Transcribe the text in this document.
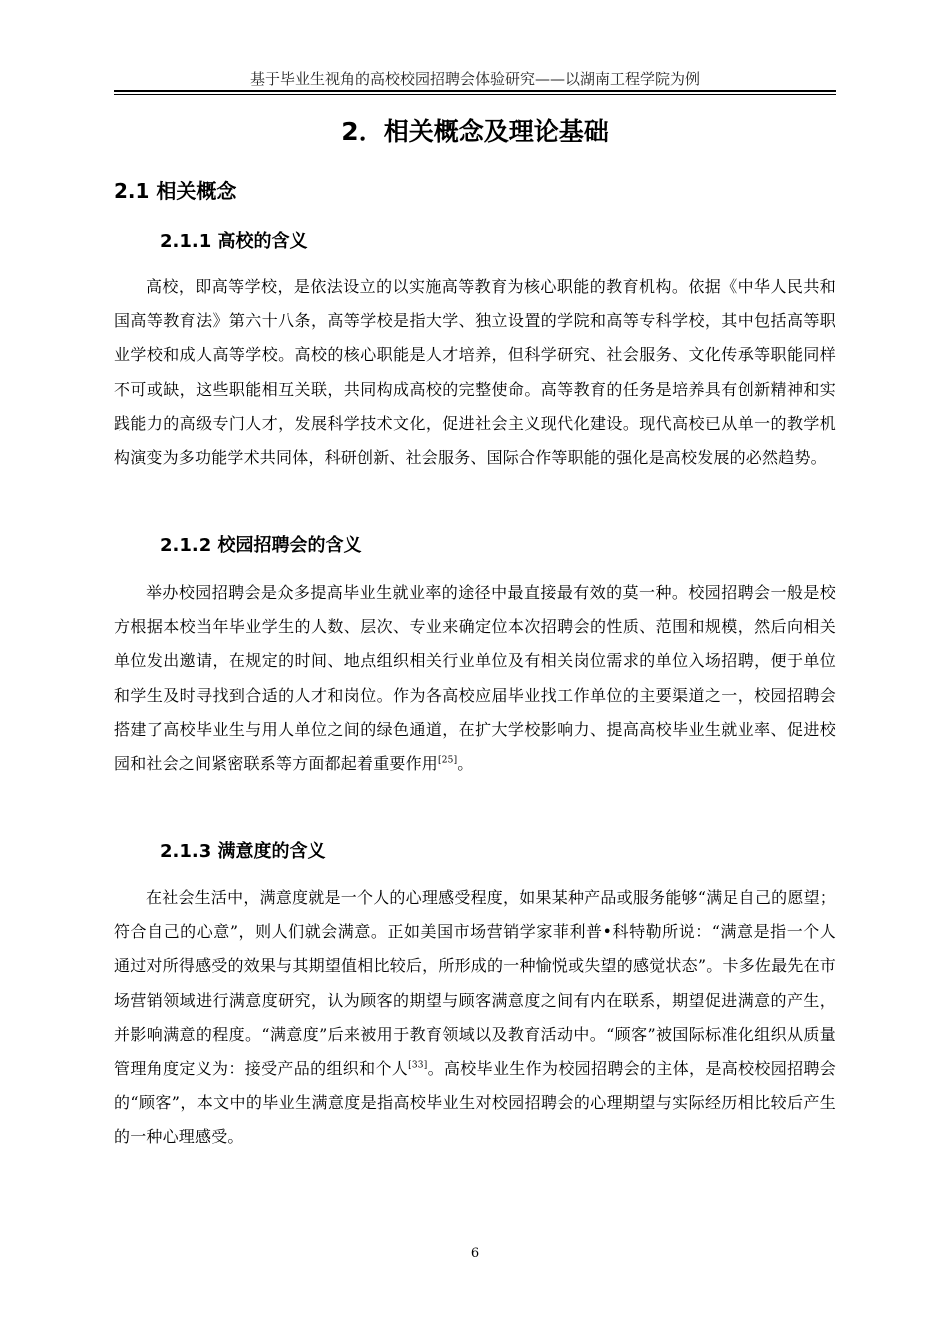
基于毕业生视角的高校校园招聘会体验研究——以湖南工程学院为例
2．相关概念及理论基础
2.1 相关概念
2.1.1 高校的含义

高校，即高等学校，是依法设立的以实施高等教育为核心职能的教育机构。依据《中华人民共和国高等教育法》第六十八条，高等学校是指大学、独立设置的学院和高等专科学校，其中包括高等职业学校和成人高等学校。高校的核心职能是人才培养，但科学研究、社会服务、文化传承等职能同样不可或缺，这些职能相互关联，共同构成高校的完整使命。高等教育的任务是培养具有创新精神和实践能力的高级专门人才，发展科学技术文化，促进社会主义现代化建设。现代高校已从单一的教学机构演变为多功能学术共同体，科研创新、社会服务、国际合作等职能的强化是高校发展的必然趋势。

2.1.2 校园招聘会的含义

举办校园招聘会是众多提高毕业生就业率的途径中最直接最有效的莫一种。校园招聘会一般是校方根据本校当年毕业学生的人数、层次、专业来确定位本次招聘会的性质、范围和规模，然后向相关单位发出邀请，在规定的时间、地点组织相关行业单位及有相关岗位需求的单位入场招聘，便于单位和学生及时寻找到合适的人才和岗位。作为各高校应届毕业找工作单位的主要渠道之一，校园招聘会搭建了高校毕业生与用人单位之间的绿色通道，在扩大学校影响力、提高高校毕业生就业率、促进校园和社会之间紧密联系等方面都起着重要作用[25]。

2.1.3 满意度的含义

在社会生活中，满意度就是一个人的心理感受程度，如果某种产品或服务能够“满足自己的愿望；符合自己的心意”，则人们就会满意。正如美国市场营销学家菲利普•科特勒所说：“满意是指一个人通过对所得感受的效果与其期望值相比较后，所形成的一种愉悦或失望的感觉状态”。卡多佐最先在市场营销领域进行满意度研究，认为顾客的期望与顾客满意度之间有内在联系，期望促进满意的产生，并影响满意的程度。“满意度”后来被用于教育领域以及教育活动中。“顾客”被国际标准化组织从质量管理角度定义为：接受产品的组织和个人[33]。高校毕业生作为校园招聘会的主体，是高校校园招聘会的“顾客”，本文中的毕业生满意度是指高校毕业生对校园招聘会的心理期望与实际经历相比较后产生的一种心理感受。

6
